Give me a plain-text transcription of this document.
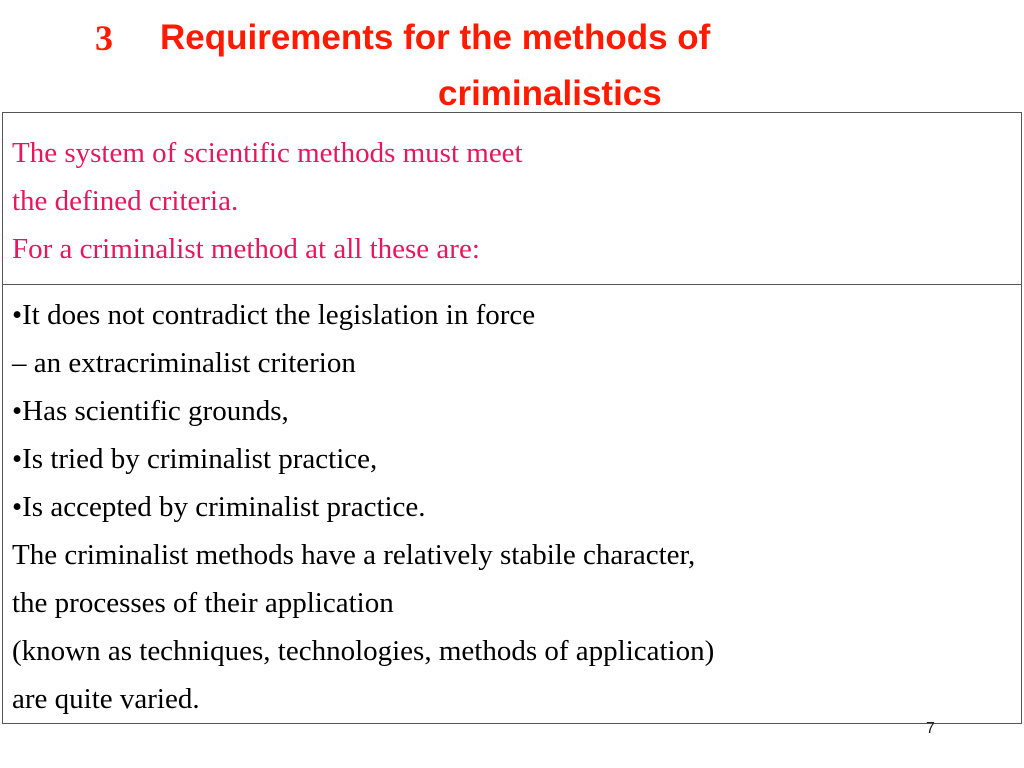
3 Requirements for the methods of
criminalistics
The system of scientific methods must meet
the defined criteria.
For a criminalist method at all these are:
•It does not contradict the legislation in force
– an extracriminalist criterion
•Has scientific grounds,
•Is tried by criminalist practice,
•Is accepted by criminalist practice.
The criminalist methods have a relatively stabile character,
the processes of their application
(known as techniques, technologies, methods of application)
are quite varied.
7
